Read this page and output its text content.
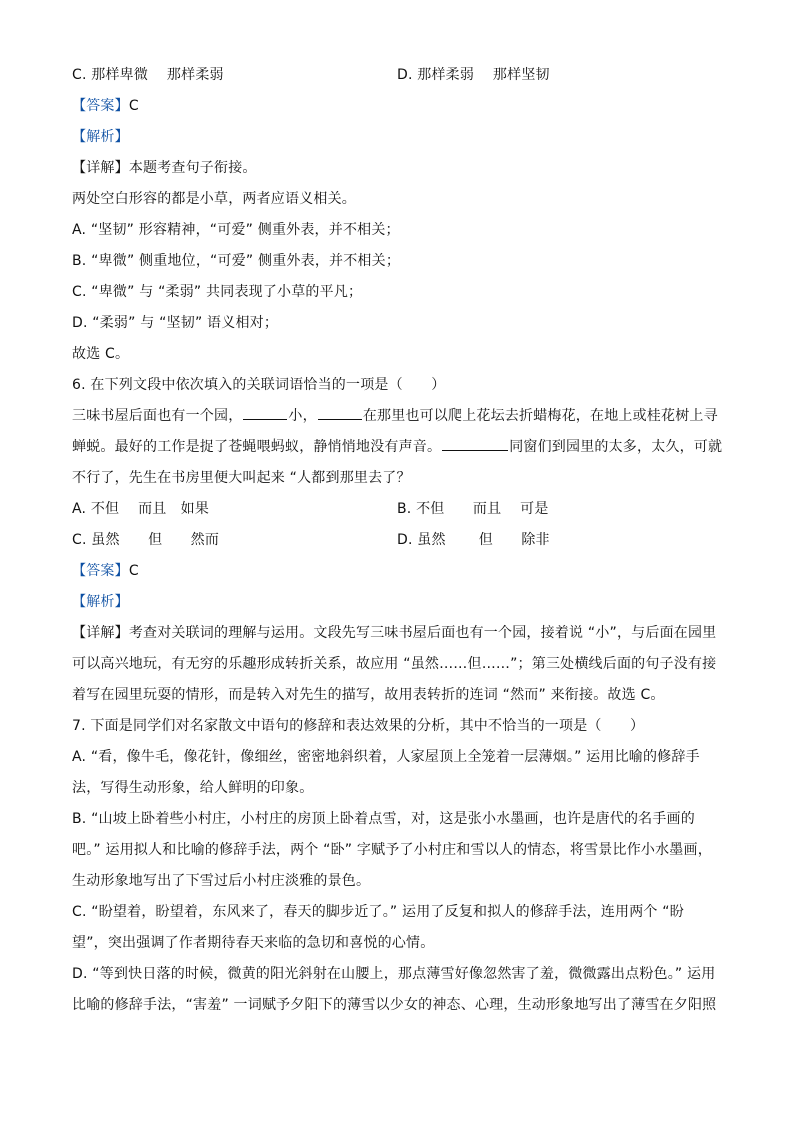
C. 那样卑微　 那样柔弱	D. 那样柔弱　 那样坚韧
【答案】C
【解析】
【详解】本题考查句子衔接。
两处空白形容的都是小草，两者应语义相关。
A. “坚韧” 形容精神，“可爱” 侧重外表，并不相关；
B. “卑微” 侧重地位，“可爱” 侧重外表，并不相关；
C. “卑微” 与 “柔弱” 共同表现了小草的平凡；
D. “柔弱” 与 “坚韧” 语义相对；
故选 C。
6. 在下列文段中依次填入的关联词语恰当的一项是（　　）
三味书屋后面也有一个园，	小，	在那里也可以爬上花坛去折蜡梅花，在地上或桂花树上寻
蝉蜕。最好的工作是捉了苍蝇喂蚂蚁，静悄悄地没有声音。	同窗们到园里的太多，太久，可就
不行了，先生在书房里便大叫起来 “人都到那里去了？
A. 不但　 而且　如果	B. 不但　　而且　 可是
C. 虽然　　但　　然而	D. 虽然　　 但　　除非
【答案】C
【解析】
【详解】考查对关联词的理解与运用。文段先写三味书屋后面也有一个园，接着说 “小”，与后面在园里
可以高兴地玩，有无穷的乐趣形成转折关系，故应用 “虽然……但……”；第三处横线后面的句子没有接
着写在园里玩耍的情形，而是转入对先生的描写，故用表转折的连词 “然而” 来衔接。故选 C。
7. 下面是同学们对名家散文中语句的修辞和表达效果的分析，其中不恰当的一项是（　　）
A. “看，像牛毛，像花针，像细丝，密密地斜织着，人家屋顶上全笼着一层薄烟。” 运用比喻的修辞手
法，写得生动形象，给人鲜明的印象。
B. “山坡上卧着些小村庄，小村庄的房顶上卧着点雪，对，这是张小水墨画，也许是唐代的名手画的
吧。” 运用拟人和比喻的修辞手法，两个 “卧” 字赋予了小村庄和雪以人的情态，将雪景比作小水墨画，
生动形象地写出了下雪过后小村庄淡雅的景色。
C. “盼望着，盼望着，东风来了，春天的脚步近了。” 运用了反复和拟人的修辞手法，连用两个 “盼
望”，突出强调了作者期待春天来临的急切和喜悦的心情。
D. “等到快日落的时候，微黄的阳光斜射在山腰上，那点薄雪好像忽然害了羞，微微露出点粉色。” 运用
比喻的修辞手法，“害羞” 一词赋予夕阳下的薄雪以少女的神态、心理，生动形象地写出了薄雪在夕阳照
